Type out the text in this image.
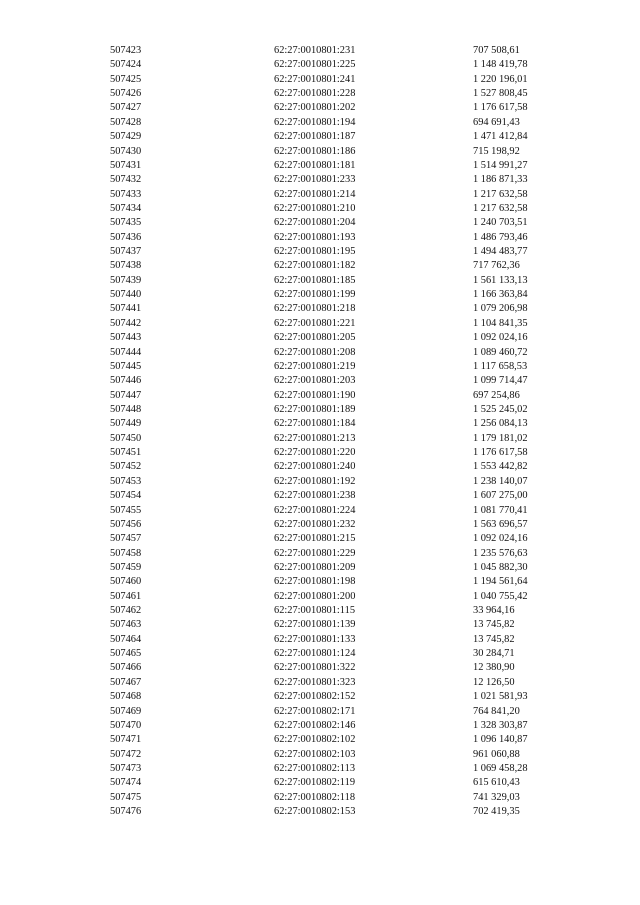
507423	62:27:0010801:231	707 508,61
507424	62:27:0010801:225	1 148 419,78
507425	62:27:0010801:241	1 220 196,01
507426	62:27:0010801:228	1 527 808,45
507427	62:27:0010801:202	1 176 617,58
507428	62:27:0010801:194	694 691,43
507429	62:27:0010801:187	1 471 412,84
507430	62:27:0010801:186	715 198,92
507431	62:27:0010801:181	1 514 991,27
507432	62:27:0010801:233	1 186 871,33
507433	62:27:0010801:214	1 217 632,58
507434	62:27:0010801:210	1 217 632,58
507435	62:27:0010801:204	1 240 703,51
507436	62:27:0010801:193	1 486 793,46
507437	62:27:0010801:195	1 494 483,77
507438	62:27:0010801:182	717 762,36
507439	62:27:0010801:185	1 561 133,13
507440	62:27:0010801:199	1 166 363,84
507441	62:27:0010801:218	1 079 206,98
507442	62:27:0010801:221	1 104 841,35
507443	62:27:0010801:205	1 092 024,16
507444	62:27:0010801:208	1 089 460,72
507445	62:27:0010801:219	1 117 658,53
507446	62:27:0010801:203	1 099 714,47
507447	62:27:0010801:190	697 254,86
507448	62:27:0010801:189	1 525 245,02
507449	62:27:0010801:184	1 256 084,13
507450	62:27:0010801:213	1 179 181,02
507451	62:27:0010801:220	1 176 617,58
507452	62:27:0010801:240	1 553 442,82
507453	62:27:0010801:192	1 238 140,07
507454	62:27:0010801:238	1 607 275,00
507455	62:27:0010801:224	1 081 770,41
507456	62:27:0010801:232	1 563 696,57
507457	62:27:0010801:215	1 092 024,16
507458	62:27:0010801:229	1 235 576,63
507459	62:27:0010801:209	1 045 882,30
507460	62:27:0010801:198	1 194 561,64
507461	62:27:0010801:200	1 040 755,42
507462	62:27:0010801:115	33 964,16
507463	62:27:0010801:139	13 745,82
507464	62:27:0010801:133	13 745,82
507465	62:27:0010801:124	30 284,71
507466	62:27:0010801:322	12 380,90
507467	62:27:0010801:323	12 126,50
507468	62:27:0010802:152	1 021 581,93
507469	62:27:0010802:171	764 841,20
507470	62:27:0010802:146	1 328 303,87
507471	62:27:0010802:102	1 096 140,87
507472	62:27:0010802:103	961 060,88
507473	62:27:0010802:113	1 069 458,28
507474	62:27:0010802:119	615 610,43
507475	62:27:0010802:118	741 329,03
507476	62:27:0010802:153	702 419,35
